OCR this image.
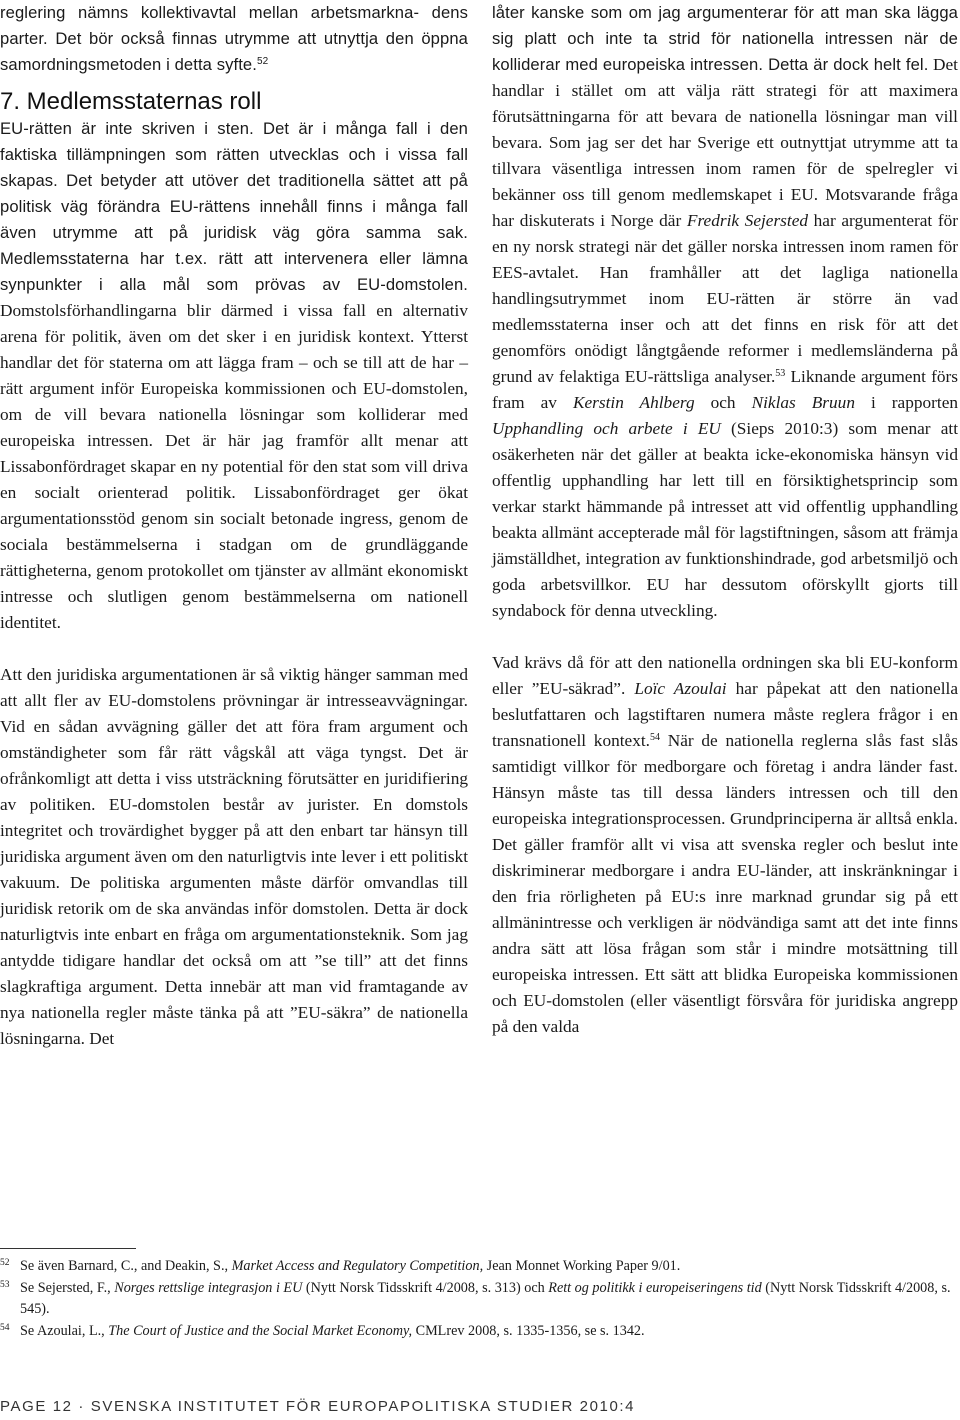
reglering nämns kollektivavtal mellan arbetsmarkna- dens parter. Det bör också finnas utrymme att utnyttja den öppna samordningsmetoden i detta syfte.$^{52}$

7. Medlemsstaternas roll

EU-rätten är inte skriven i sten. Det är i många fall i den faktiska tillämpningen som rätten utvecklas och i vissa fall skapas. Det betyder att utöver det traditionella sättet att på politisk väg förändra EU-rättens innehåll finns i många fall även utrymme att på juridisk väg göra samma sak. Medlemsstaterna har t.ex. rätt att intervenera eller lämna synpunkter i alla mål som prövas av EU-domstolen. Domstolsförhandlingarna blir därmed i vissa fall en alternativ arena för politik, även om det sker i en juridisk kontext. Ytterst handlar det för staterna om att lägga fram – och se till att de har – rätt argument inför Europeiska kommissionen och EU-domstolen, om de vill bevara nationella lösningar som kolliderar med europeiska intressen. Det är här jag framför allt menar att Lissabonfördraget skapar en ny potential för den stat som vill driva en socialt orienterad politik. Lissabonfördraget ger ökat argumentationsstöd genom sin socialt betonade ingress, genom de sociala bestämmelserna i stadgan om de grundläggande rättigheterna, genom protokollet om tjänster av allmänt ekonomiskt intresse och slutligen genom bestämmelserna om nationell identitet.

Att den juridiska argumentationen är så viktig hänger samman med att allt fler av EU-domstolens prövningar är intresseavvägningar. Vid en sådan avvägning gäller det att föra fram argument och omständigheter som får rätt vågskål att väga tyngst. Det är ofrånkomligt att detta i viss utsträckning förutsätter en juridifiering av politiken. EU-domstolen består av jurister. En domstols integritet och trovärdighet bygger på att den enbart tar hänsyn till juridiska argument även om den naturligtvis inte lever i ett politiskt vakuum. De politiska argumenten måste därför omvandlas till juridisk retorik om de ska användas inför domstolen. Detta är dock naturligtvis inte enbart en fråga om argumentationsteknik. Som jag antydde tidigare handlar det också om att ”se till” att det finns slagkraftiga argument. Detta innebär att man vid framtagande av nya nationella regler måste tänka på att ”EU-säkra” de nationella lösningarna. Det

låter kanske som om jag argumenterar för att man ska lägga sig platt och inte ta strid för nationella intressen när de kolliderar med europeiska intressen. Detta är dock helt fel. Det handlar i stället om att välja rätt strategi för att maximera förutsättningarna för att bevara de nationella lösningar man vill bevara. Som jag ser det har Sverige ett outnyttjat utrymme att ta tillvara väsentliga intressen inom ramen för de spelregler vi bekänner oss till genom medlemskapet i EU. Motsvarande fråga har diskuterats i Norge där Fredrik Sejersted har argumenterat för en ny norsk strategi när det gäller norska intressen inom ramen för EES-avtalet. Han framhåller att det lagliga nationella handlingsutrymmet inom EU-rätten är större än vad medlemsstaterna inser och att det finns en risk för att det genomförs onödigt långtgående reformer i medlemsländerna på grund av felaktiga EU-rättsliga analyser.$^{53}$ Liknande argument förs fram av Kerstin Ahlberg och Niklas Bruun i rapporten Upphandling och arbete i EU (Sieps 2010:3) som menar att osäkerheten när det gäller at beakta icke-ekonomiska hänsyn vid offentlig upphandling har lett till en försiktighetsprincip som verkar starkt hämmande på intresset att vid offentlig upphandling beakta allmänt accepterade mål för lagstiftningen, såsom att främja jämställdhet, integration av funktionshindrade, god arbetsmiljö och goda arbetsvillkor. EU har dessutom oförskyllt gjorts till syndabock för denna utveckling.

Vad krävs då för att den nationella ordningen ska bli EU-konform eller ”EU-säkrad”. Loïc Azoulai har påpekat att den nationella beslutfattaren och lagstiftaren numera måste reglera frågor i en transnationell kontext.$^{54}$ När de nationella reglerna slås fast slås samtidigt villkor för medborgare och företag i andra länder fast. Hänsyn måste tas till dessa länders intressen och till den europeiska integrationsprocessen. Grundprinciperna är alltså enkla. Det gäller framför allt vi visa att svenska regler och beslut inte diskriminerar medborgare i andra EU-länder, att inskränkningar i den fria rörligheten på EU:s inre marknad grundar sig på ett allmänintresse och verkligen är nödvändiga samt att det inte finns andra sätt att lösa frågan som står i mindre motsättning till europeiska intressen. Ett sätt att blidka Europeiska kommissionen och EU-domstolen (eller väsentligt försvåra för juridiska angrepp på den valda

52 Se även Barnard, C., and Deakin, S., Market Access and Regulatory Competition, Jean Monnet Working Paper 9/01.
53 Se Sejersted, F., Norges rettslige integrasjon i EU (Nytt Norsk Tidsskrift 4/2008, s. 313) och Rett og politikk i europeiseringens tid (Nytt Norsk Tidsskrift 4/2008, s. 545).
54 Se Azoulai, L., The Court of Justice and the Social Market Economy, CMLrev 2008, s. 1335-1356, se s. 1342.
PAGE 12 · SVENSKA INSTITUTET FÖR EUROPAPOLITISKA STUDIER 2010:4
